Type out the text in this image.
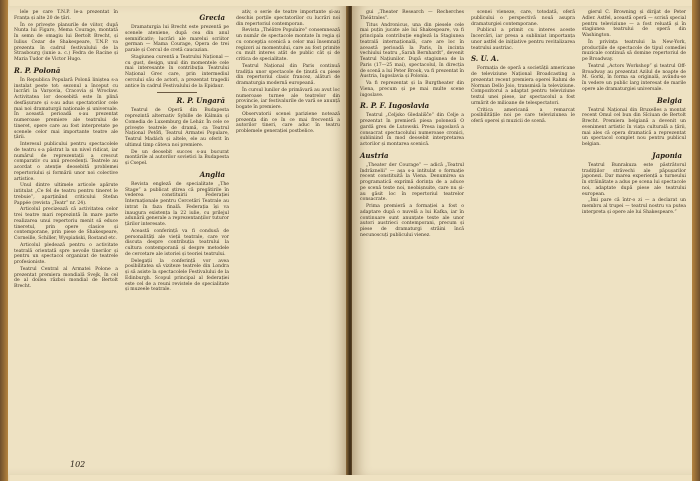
lele pe care T.N.P. le-a prezentat în Franța și alte 20 de țări.

În ce privește planurile de viitor, după Nunta lui Figaro, Mema Courage, montată în semn de omagiu lui Bertolt Brecht, și Iulius Cezar de Shakespeare, T.N.P. va prezenta în cadrul festivalului de la Strasbourg (iunie a. c.) Fedra de Racine și Maria Tudor de Victor Hugo.

R. P. Polonă

În Republica Populară Polonă liniștea s-a instalat peste tot: sezonul a început cu lucrări la Varșovia, Cracovia și Wrocław. Activitatea lor deosebită este în plină desfășurare și s-au adus spectatorilor cele mai noi dramaturgii naționale și universale. În această perioadă s-au prezentat numeroase premiere ale teatrului de tineret, opere care au fost interpretate pe scenele celor mai importante teatre ale țării.

Interesul publicului pentru spectacolele de teatru s-a păstrat la un nivel ridicat, iar numărul de reprezentații a crescut comparativ cu anii precedenți. Teatrele au acordat o atenție deosebită problemei repertoriului și formării unor noi colective artistice.

Unul dintre ultimele articole apărute intitulat „Ce fel de teatru pentru tineret le trebuie”, aparținând criticului Stefan Pappée (revista „Teatr” nr. 24).

Articolul precizează că activitatea celor trei teatre mari reprezintă în mare parte realizarea unui repertoriu menit să educe tineretul, prin opere clasice și contemporane, prin piese de Shakespeare, Corneille, Schiller, Wyspiański, Rostand etc.

Articolul pledează pentru o activitate teatrală orientată spre nevoile tinerilor și pentru un spectacol organizat de teatrele profesioniste.

Teatrul Central al Armatei Polone a prezentat premiera mondială Svejk, în cel de al doilea război mondial de Bertolt Brecht.

Grecia

Dramaturgia lui Brecht este prezentă pe scenele ateniene, după cea din anul semnificativ; lucrări ale marelui scriitor german — Mama Courage, Opera de trei parale și Cercul de cretă caucazian.

Stagiunea curentă a Teatrului Național — cu gust, design, unul din momentele cele mai interesante în contribuția Teatrului Național Grec care, prin intermediul cercului său de actori, a prezentat tragedii antice în cadrul Festivalului de la Epidaur.

R. P. Ungară

Teatrul de Operă din Budapesta reprezintă alternativ Sybille de Kálmán și Comedia de Luxemburg de Lehár. În cele ce privește teatrele de dramă, ca Teatrul Național Petőfi, Teatrul Armatei Populare, Teatrul Madách și altele, ele au oferit în ultimul timp câteva noi premiere.

De un deosebit succes s-au bucurat montările al autorilor sovietici la Budapesta și Csepel.

Anglia

Revista engleză de specialitate „The Stage” a publicat știrea că pregătirile în vederea constituirii Federației Internaționale pentru Cercetări Teatrale au intrat în faza finală. Federația își va inaugura existența la 22 iulie, cu prilejul adunării generale a reprezentanților tuturor țărilor interesate.

Această conferință va fi condusă de personalități ale vieții teatrale, care vor discuta despre contribuția teatrului la cultura contemporană și despre metodele de cercetare ale istoriei și teoriei teatrului.

Delegații la conferință vor avea posibilitatea să viziteze teatrele din Londra și să asiste la spectacolele Festivalului de la Edinburgh. Scopul principal al federației este cel de a reuni revistele de specialitate și muzeele teatrale.

ativ, o serie de teatre importante și-au deschis porțile spectatorilor cu lucrări noi din repertoriul contemporan.

Revista „Théâtre Populaire” consemnează un număr de spectacole montate în regia și cu concepția scenică a celor mai însemnați regizori ai momentului, care au fost primite cu mult interes atât de public cât și de critica de specialitate.

Teatrul Național din Paris continuă tradiția unor spectacole de ținută cu piese din repertoriul clasic francez, alături de dramaturgia modernă europeană.

În cursul lunilor de primăvară au avut loc numeroase turnee ale teatrelor din provincie, iar festivalurile de vară se anunță bogate în premiere.

Observatorii scenei pariziene notează prezența din ce în ce mai frecventă a autorilor tineri, care aduc în teatru problemele generației postbelice.

102

gui „Theater Research — Recherches Théâtrales”.

Titus Andronicus, una din piesele cele mai puțin jucate ale lui Shakespeare, va fi principala contribuție engleză la Stagiunea teatrală internațională, care are loc în această perioadă la Paris, în incinta vechiului teatru „Sarah Bernhardt”, devenit Teatrul Națiunilor. După stagiunea de la Paris (17—25 mai), spectacolul, în direcția de scenă a lui Peter Brook, va fi prezentat în Austria, Iugoslavia și Polonia.

Va fi reprezentat și la Burgtheater din Viena, precum și pe mai multe scene iugoslave.

R. P. F. Iugoslavia

Teatrul „Celjsko Gledališče” din Celje a prezentat în premieră piesa poloneză O gardă greu de Lutowski. Presa iugoslavă a consacrat spectacolului numeroase cronici, subliniind în mod deosebit interpretarea actorilor și montarea scenică.

Austria

„Theater der Courage” — adică „Teatrul îndrăznelii” — așa s-a intitulat o formație recent constituită la Viena. Denumirea sa programatică exprimă dorința de a aduce pe scenă texte noi, neobișnuite, care nu și-au găsit loc în repertoriul teatrelor consacrate.

Prima premieră a formației a fost o adaptare după o nuvelă a lui Kafka, iar în continuare sunt anunțate texte ale unor autori austrieci contemporani, precum și piese de dramaturgi străini încă necunoscuți publicului vienez.

scenei vieneze, care, totodată, oferă publicului o perspectivă nouă asupra dramaturgiei contemporane.

Publicul a primit cu interes aceste încercări, iar presa a subliniat importanța unor astfel de inițiative pentru revitalizarea teatrului austriac.

S. U. A.

Formația de operă a societății americane de televiziune Național Broadcasting a prezentat recent premiera operei Rahmi de Norman Dello Joio, transmisă la televiziune. Compozitorul a adaptat pentru televiziune textul unei piese, iar spectacolul a fost urmărit de milioane de telespectatori.

Critica americană a remarcat posibilitățile noi pe care televiziunea le oferă operei și muzicii de scenă.

gierul C. Browning și dirijat de Peter Adler. Astfel, această operă — scrisă special pentru televiziune — a fost reluată și în stagiunea teatrului de operă din Washington.

În privința teatrului la New-York, producțiile de spectacole de tipul comediei muzicale continuă să domine repertoriul de pe Broadway.

Teatrul „Actors Workshop” și teatrul Off-Broadway au prezentat Azilul de noapte de M. Gorki, în forma sa originală, avându-se în vedere un public larg interesat de marile opere ale dramaturgiei universale.

Belgia

Teatrul Național din Bruxelles a montat recent Omul cel bun din Sîciuan de Bertolt Brecht. Premiera belgiană a devenit un eveniment artistic în viața culturală a țării, mai ales că opera dramatică a reprezentat un spectacol complet nou pentru publicul belgian.

Japonia

Teatrul Bunrakuza este păstrătorul tradițiilor străvechi ale păpușarilor japonezi. Dar marea experiență a turneului în străinătate a adus pe scena lui spectacole noi, adaptate după piese ale teatrului european.

„Îmi pare că într-o zi — a declarat un membru al trupei — teatrul nostru va putea interpreta și opere ale lui Shakespeare.”
